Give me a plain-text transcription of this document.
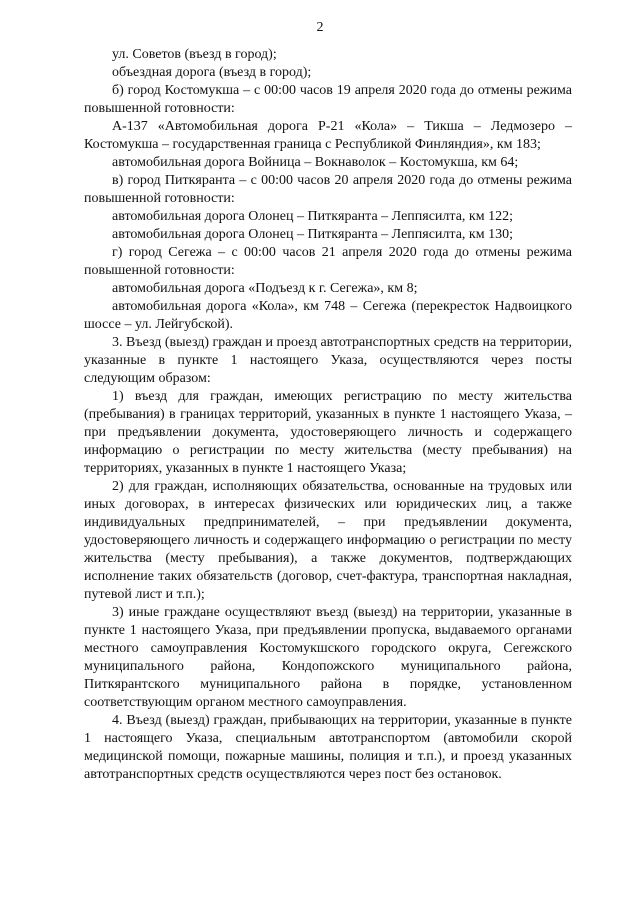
2

ул. Советов (въезд в город);

объездная дорога (въезд в город);

б) город Костомукша – с 00:00 часов 19 апреля 2020 года до отмены режима повышенной готовности:

А-137 «Автомобильная дорога Р-21 «Кола» – Тикша – Ледмозеро – Костомукша – государственная граница с Республикой Финляндия», км 183;

автомобильная дорога Войница – Вокнаволок – Костомукша, км 64;

в) город Питкяранта – с 00:00 часов 20 апреля 2020 года до отмены режима повышенной готовности:

автомобильная дорога Олонец – Питкяранта – Леппясилта, км 122;

автомобильная дорога Олонец – Питкяранта – Леппясилта, км 130;

г) город Сегежа – с 00:00 часов 21 апреля 2020 года до отмены режима повышенной готовности:

автомобильная дорога «Подъезд к г. Сегежа», км 8;

автомобильная дорога «Кола», км 748 – Сегежа (перекресток Надвоицкого шоссе – ул. Лейгубской).

3. Въезд (выезд) граждан и проезд автотранспортных средств на территории, указанные в пункте 1 настоящего Указа, осуществляются через посты следующим образом:

1) въезд для граждан, имеющих регистрацию по месту жительства (пребывания) в границах территорий, указанных в пункте 1 настоящего Указа, – при предъявлении документа, удостоверяющего личность и содержащего информацию о регистрации по месту жительства (месту пребывания) на территориях, указанных в пункте 1 настоящего Указа;

2) для граждан, исполняющих обязательства, основанные на трудовых или иных договорах, в интересах физических или юридических лиц, а также индивидуальных предпринимателей, – при предъявлении документа, удостоверяющего личность и содержащего информацию о регистрации по месту жительства (месту пребывания), а также документов, подтверждающих исполнение таких обязательств (договор, счет-фактура, транспортная накладная, путевой лист и т.п.);

3) иные граждане осуществляют въезд (выезд) на территории, указанные в пункте 1 настоящего Указа, при предъявлении пропуска, выдаваемого органами местного самоуправления Костомукшского городского округа, Сегежского муниципального района, Кондопожского муниципального района, Питкярантского муниципального района в порядке, установленном соответствующим органом местного самоуправления.

4. Въезд (выезд) граждан, прибывающих на территории, указанные в пункте 1 настоящего Указа, специальным автотранспортом (автомобили скорой медицинской помощи, пожарные машины, полиция и т.п.), и проезд указанных автотранспортных средств осуществляются через пост без остановок.
